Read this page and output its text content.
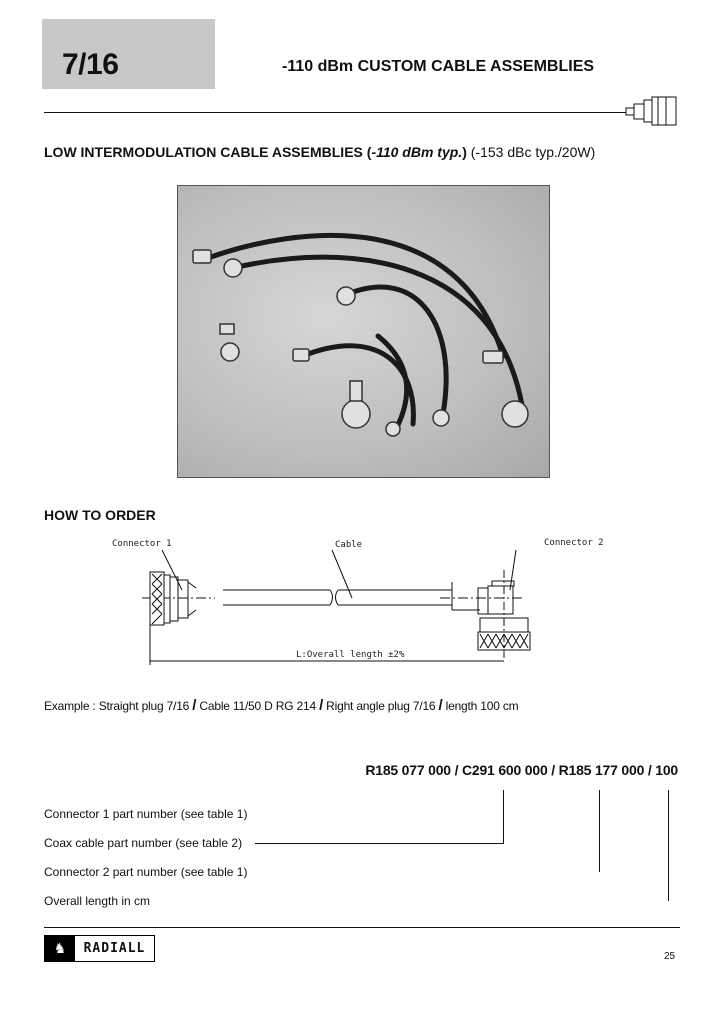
7/16	-110 dBm CUSTOM CABLE ASSEMBLIES
LOW INTERMODULATION CABLE ASSEMBLIES (-110 dBm typ.) (-153 dBc typ./20W)
HOW TO ORDER
Connector 1	Cable	Connector 2
L:Overall length ±2%
Example : Straight plug 7/16 / Cable 11/50 D RG 214 / Right angle plug 7/16 / length 100 cm
R185 077 000 / C291 600 000 / R185 177 000 / 100
Connector 1 part number (see table 1)
Coax cable part number (see table 2)
Connector 2 part number (see table 1)
Overall length in cm
♞	RADIALL
25
